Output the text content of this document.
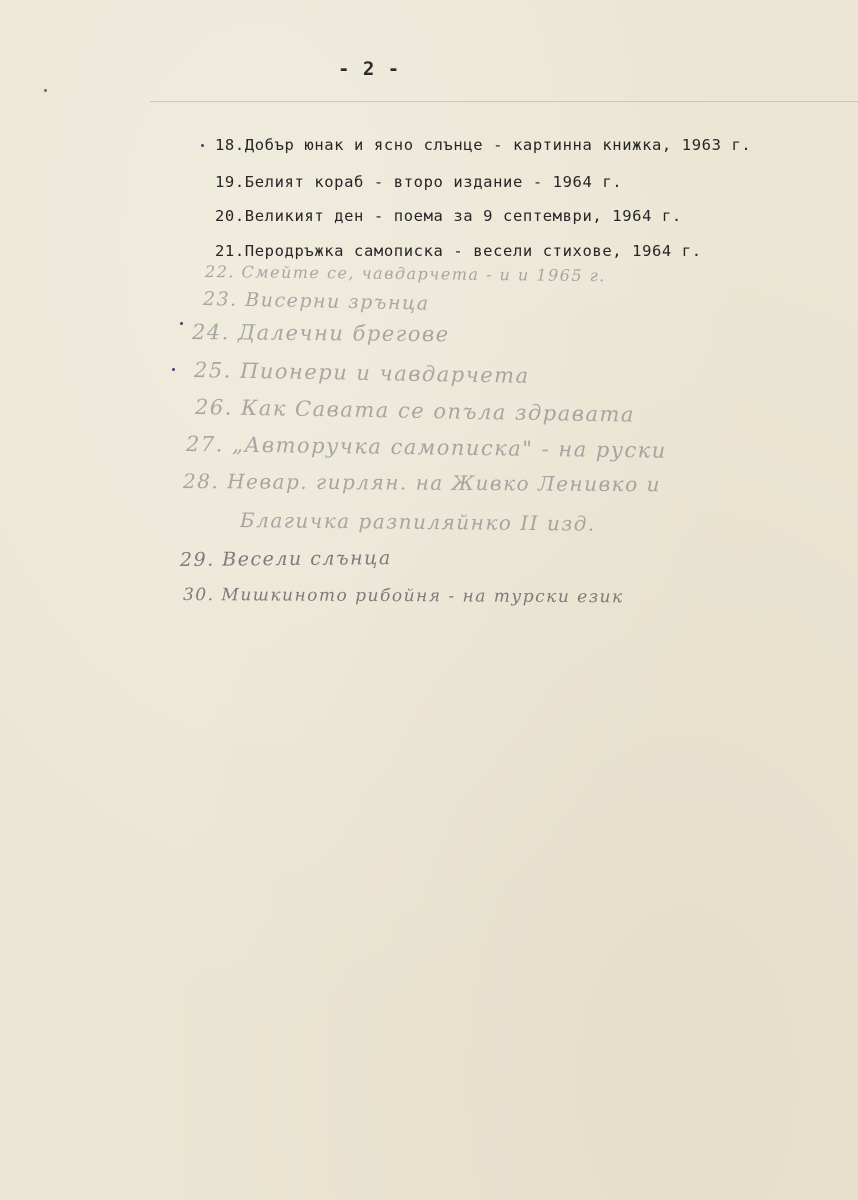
- 2 -
18.Добър юнак и ясно слънце - картинна книжка, 1963 г.
19.Белият кораб - второ издание - 1964 г.
20.Великият ден - поема за 9 септември, 1964 г.
21.Перодръжка самописка - весели стихове, 1964 г.
22. Смейте се, чавдарчета - и и 1965 г.
23. Висерни зрънца
24. Далечни брегове
25. Пионери и чавдарчета
26. Как Савата се опъла здравата
27. „Авторучка самописка" - на руски
28. Невар. гирлян. на Живко Ленивко и
Благичка разпиляйнко II изд.
29. Весели слънца
30. Мишкиното рибойня - на турски език
